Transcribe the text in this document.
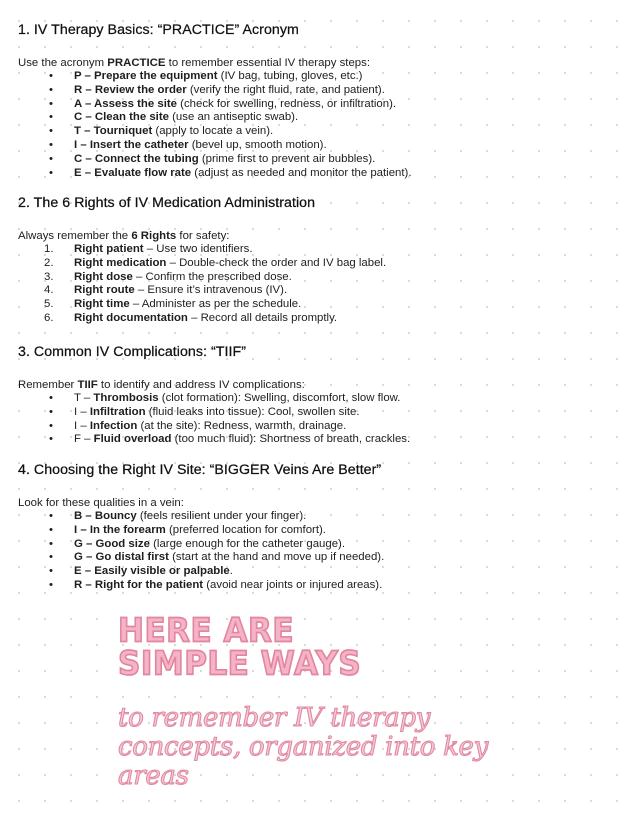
1. IV Therapy Basics: “PRACTICE” Acronym

Use the acronym PRACTICE to remember essential IV therapy steps:

•	P – Prepare the equipment (IV bag, tubing, gloves, etc.)
•	R – Review the order (verify the right fluid, rate, and patient).
•	A – Assess the site (check for swelling, redness, or infiltration).
•	C – Clean the site (use an antiseptic swab).
•	T – Tourniquet (apply to locate a vein).
•	I – Insert the catheter (bevel up, smooth motion).
•	C – Connect the tubing (prime first to prevent air bubbles).
•	E – Evaluate flow rate (adjust as needed and monitor the patient).
2. The 6 Rights of IV Medication Administration

Always remember the 6 Rights for safety:

1.	Right patient – Use two identifiers.
2.	Right medication – Double-check the order and IV bag label.
3.	Right dose – Confirm the prescribed dose.
4.	Right route – Ensure it’s intravenous (IV).
5.	Right time – Administer as per the schedule.
6.	Right documentation – Record all details promptly.
3. Common IV Complications: “TIIF”

Remember TIIF to identify and address IV complications:

•	T – Thrombosis (clot formation): Swelling, discomfort, slow flow.
•	I – Infiltration (fluid leaks into tissue): Cool, swollen site.
•	I – Infection (at the site): Redness, warmth, drainage.
•	F – Fluid overload (too much fluid): Shortness of breath, crackles.
4. Choosing the Right IV Site: “BIGGER Veins Are Better”

Look for these qualities in a vein:

•	B – Bouncy (feels resilient under your finger).
•	I – In the forearm (preferred location for comfort).
•	G – Good size (large enough for the catheter gauge).
•	G – Go distal first (start at the hand and move up if needed).
•	E – Easily visible or palpable.
•	R – Right for the patient (avoid near joints or injured areas).
HERE ARE
SIMPLE WAYS
to remember IV therapy concepts, organized into key areas
